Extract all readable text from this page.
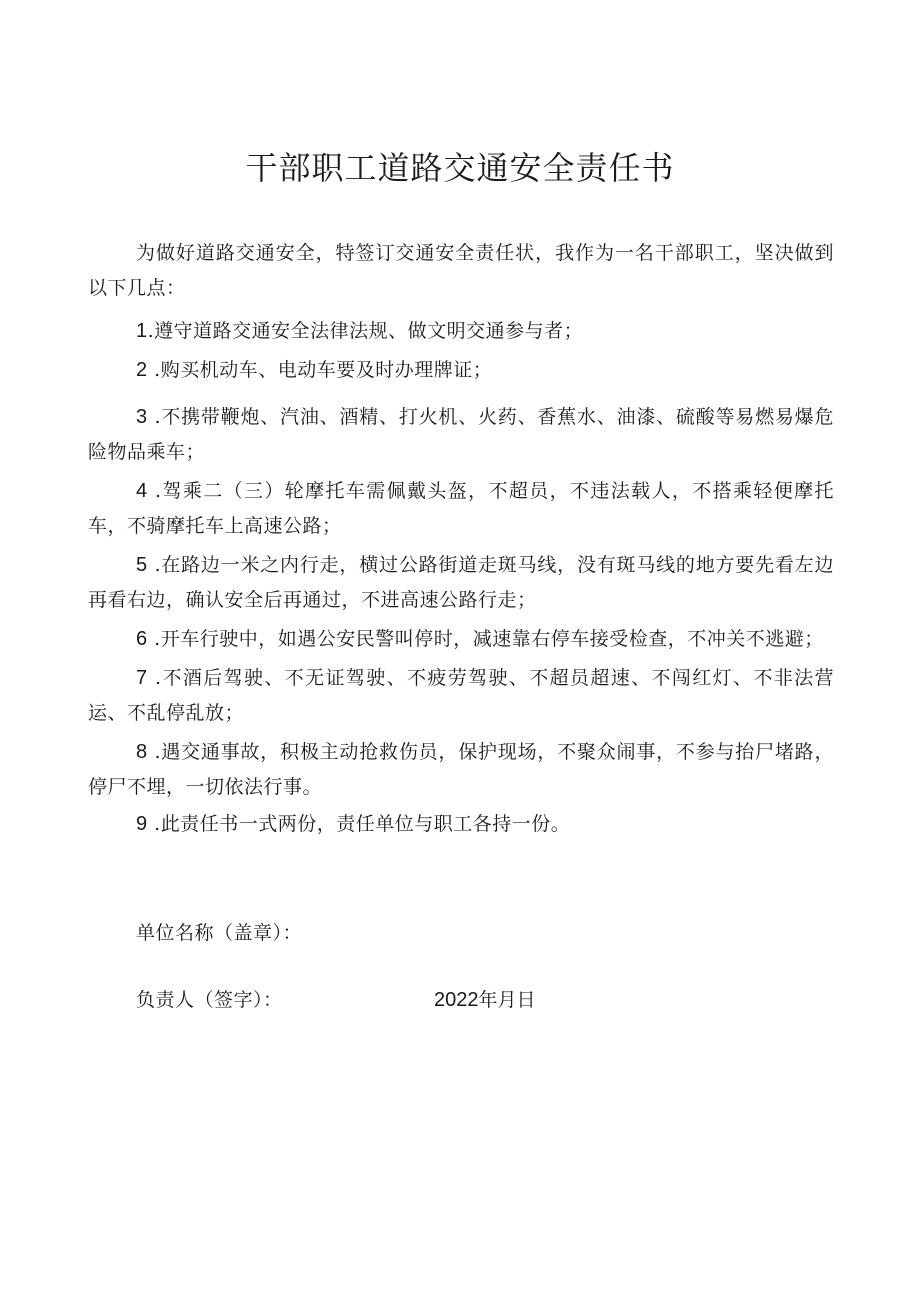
干部职工道路交通安全责任书

为做好道路交通安全，特签订交通安全责任状，我作为一名干部职工，坚决做到以下几点：

1.遵守道路交通安全法律法规、做文明交通参与者；

2 .购买机动车、电动车要及时办理牌证；

3 .不携带鞭炮、汽油、酒精、打火机、火药、香蕉水、油漆、硫酸等易燃易爆危险物品乘车；

4 .驾乘二（三）轮摩托车需佩戴头盔，不超员，不违法载人，不搭乘轻便摩托车，不骑摩托车上高速公路；

5 .在路边一米之内行走，横过公路街道走斑马线，没有斑马线的地方要先看左边再看右边，确认安全后再通过，不进高速公路行走；

6 .开车行驶中，如遇公安民警叫停时，减速靠右停车接受检查，不冲关不逃避；

7 .不酒后驾驶、不无证驾驶、不疲劳驾驶、不超员超速、不闯红灯、不非法营运、不乱停乱放；

8 .遇交通事故，积极主动抢救伤员，保护现场，不聚众闹事，不参与抬尸堵路，停尸不埋，一切依法行事。

9 .此责任书一式两份，责任单位与职工各持一份。

单位名称（盖章）：
负责人（签字）：	2022年月日
